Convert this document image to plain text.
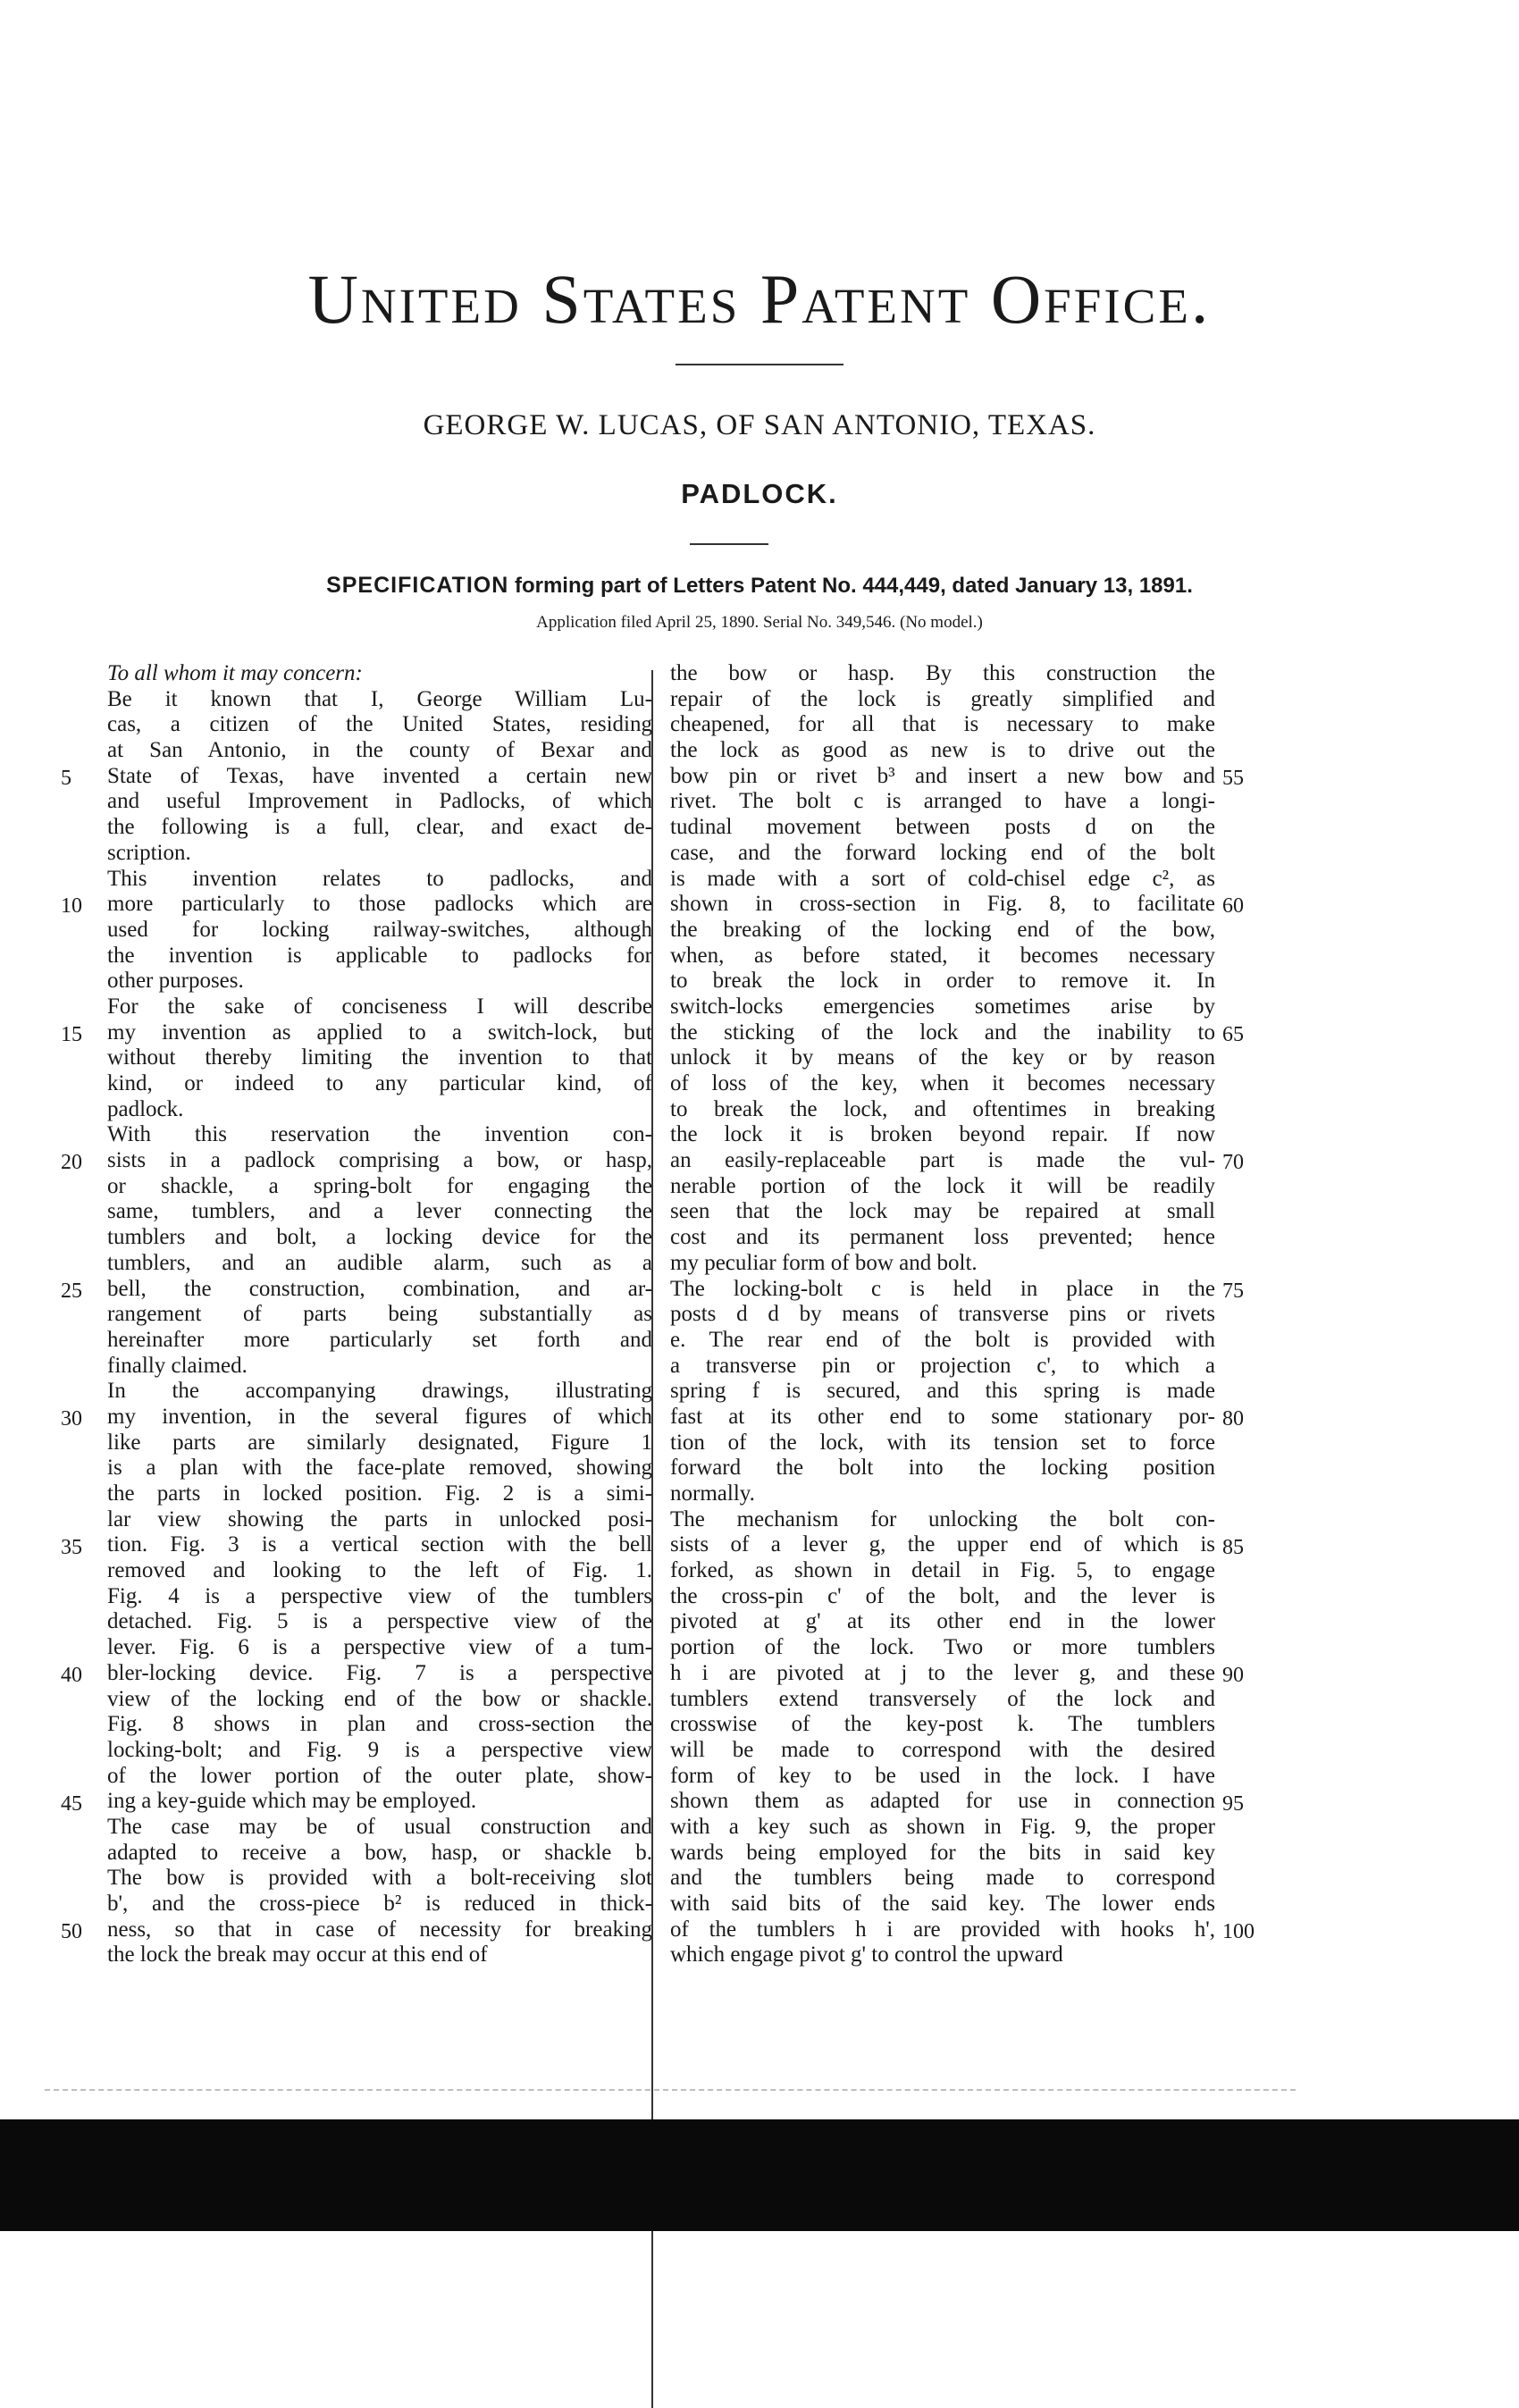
United States Patent Office.
GEORGE W. LUCAS, OF SAN ANTONIO, TEXAS.
PADLOCK.
SPECIFICATION forming part of Letters Patent No. 444,449, dated January 13, 1891.
Application filed April 25, 1890. Serial No. 349,546. (No model.)
To all whom it may concern:
Be it known that I, George William Lu-
cas, a citizen of the United States, residing
at San Antonio, in the county of Bexar and
State of Texas, have invented a certain new
and useful Improvement in Padlocks, of which
the following is a full, clear, and exact de-
scription.
This invention relates to padlocks, and
more particularly to those padlocks which are
used for locking railway-switches, although
the invention is applicable to padlocks for
other purposes.
For the sake of conciseness I will describe
my invention as applied to a switch-lock, but
without thereby limiting the invention to that
kind, or indeed to any particular kind, of
padlock.
With this reservation the invention con-
sists in a padlock comprising a bow, or hasp,
or shackle, a spring-bolt for engaging the
same, tumblers, and a lever connecting the
tumblers and bolt, a locking device for the
tumblers, and an audible alarm, such as a
bell, the construction, combination, and ar-
rangement of parts being substantially as
hereinafter more particularly set forth and
finally claimed.
In the accompanying drawings, illustrating
my invention, in the several figures of which
like parts are similarly designated, Figure 1
is a plan with the face-plate removed, showing
the parts in locked position. Fig. 2 is a simi-
lar view showing the parts in unlocked posi-
tion. Fig. 3 is a vertical section with the bell
removed and looking to the left of Fig. 1.
Fig. 4 is a perspective view of the tumblers
detached. Fig. 5 is a perspective view of the
lever. Fig. 6 is a perspective view of a tum-
bler-locking device. Fig. 7 is a perspective
view of the locking end of the bow or shackle.
Fig. 8 shows in plan and cross-section the
locking-bolt; and Fig. 9 is a perspective view
of the lower portion of the outer plate, show-
ing a key-guide which may be employed.
The case may be of usual construction and
adapted to receive a bow, hasp, or shackle b.
The bow is provided with a bolt-receiving slot
b', and the cross-piece b² is reduced in thick-
ness, so that in case of necessity for breaking
the lock the break may occur at this end of
the bow or hasp. By this construction the
repair of the lock is greatly simplified and
cheapened, for all that is necessary to make
the lock as good as new is to drive out the
bow pin or rivet b³ and insert a new bow and
rivet. The bolt c is arranged to have a longi-
tudinal movement between posts d on the
case, and the forward locking end of the bolt
is made with a sort of cold-chisel edge c², as
shown in cross-section in Fig. 8, to facilitate
the breaking of the locking end of the bow,
when, as before stated, it becomes necessary
to break the lock in order to remove it. In
switch-locks emergencies sometimes arise by
the sticking of the lock and the inability to
unlock it by means of the key or by reason
of loss of the key, when it becomes necessary
to break the lock, and oftentimes in breaking
the lock it is broken beyond repair. If now
an easily-replaceable part is made the vul-
nerable portion of the lock it will be readily
seen that the lock may be repaired at small
cost and its permanent loss prevented; hence
my peculiar form of bow and bolt.
The locking-bolt c is held in place in the
posts d d by means of transverse pins or rivets
e. The rear end of the bolt is provided with
a transverse pin or projection c', to which a
spring f is secured, and this spring is made
fast at its other end to some stationary por-
tion of the lock, with its tension set to force
forward the bolt into the locking position
normally.
The mechanism for unlocking the bolt con-
sists of a lever g, the upper end of which is
forked, as shown in detail in Fig. 5, to engage
the cross-pin c' of the bolt, and the lever is
pivoted at g' at its other end in the lower
portion of the lock. Two or more tumblers
h i are pivoted at j to the lever g, and these
tumblers extend transversely of the lock and
crosswise of the key-post k. The tumblers
will be made to correspond with the desired
form of key to be used in the lock. I have
shown them as adapted for use in connection
with a key such as shown in Fig. 9, the proper
wards being employed for the bits in said key
and the tumblers being made to correspond
with said bits of the said key. The lower ends
of the tumblers h i are provided with hooks h',
which engage pivot g' to control the upward
5
10
15
20
25
30
35
40
45
50
55
60
65
70
75
80
85
90
95
100
